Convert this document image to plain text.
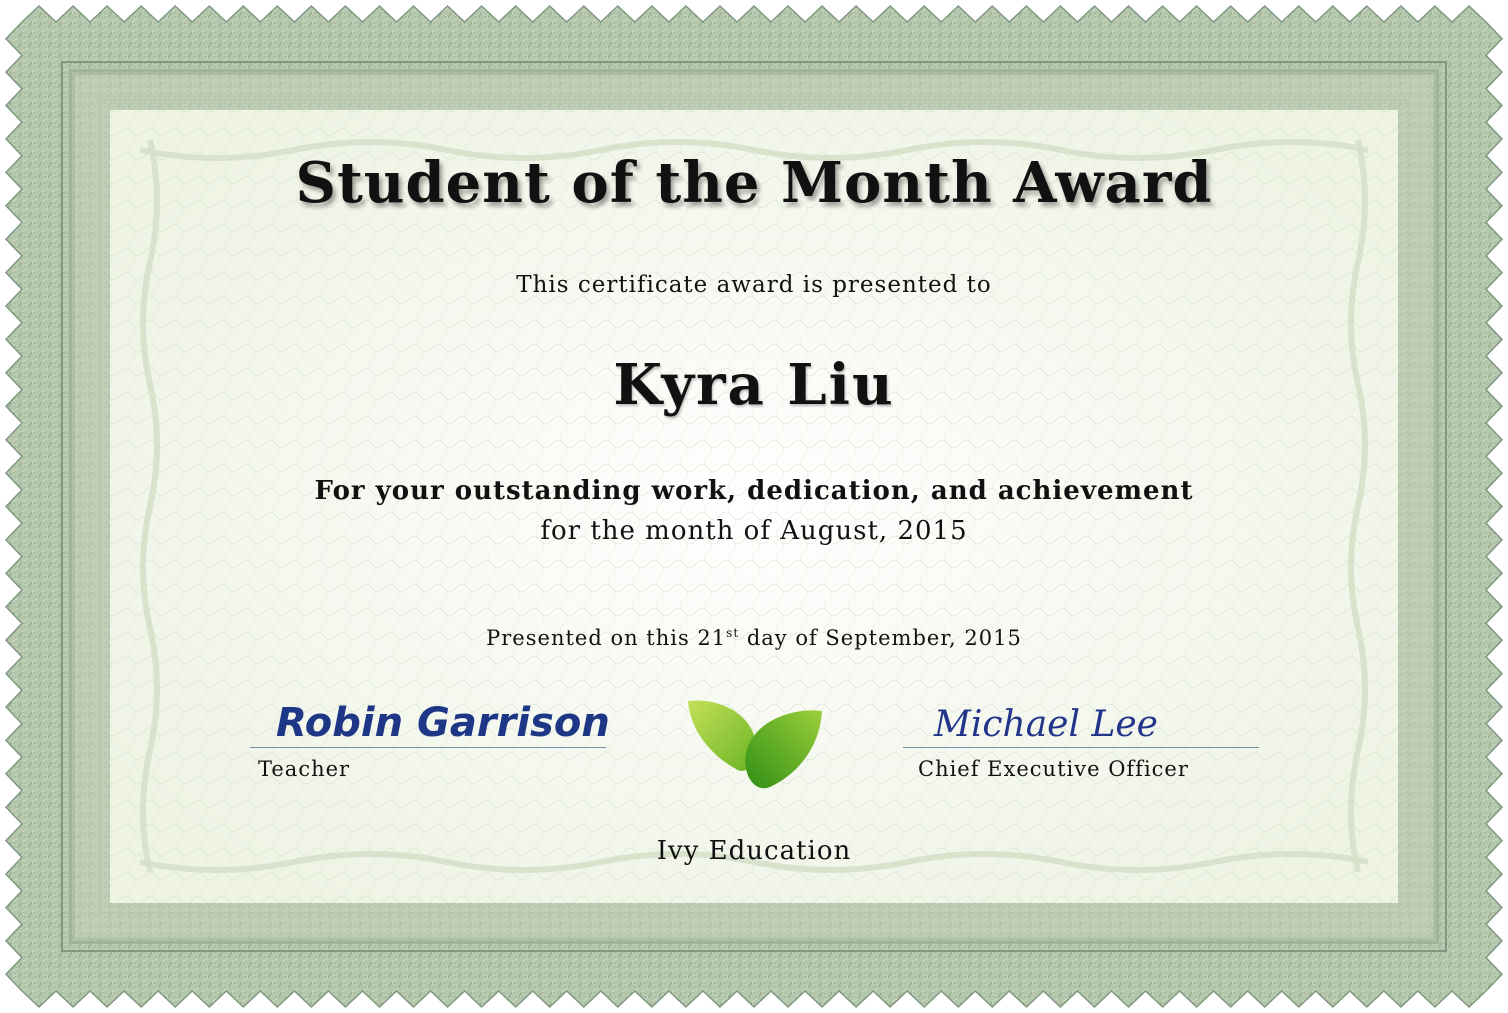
Student of the Month Award

This certificate award is presented to

Kyra Liu

For your outstanding work, dedication, and achievement

for the month of August, 2015

Presented on this 21st day of September, 2015

Robin Garrison
Teacher
Michael Lee
Chief Executive Officer

Ivy Education
